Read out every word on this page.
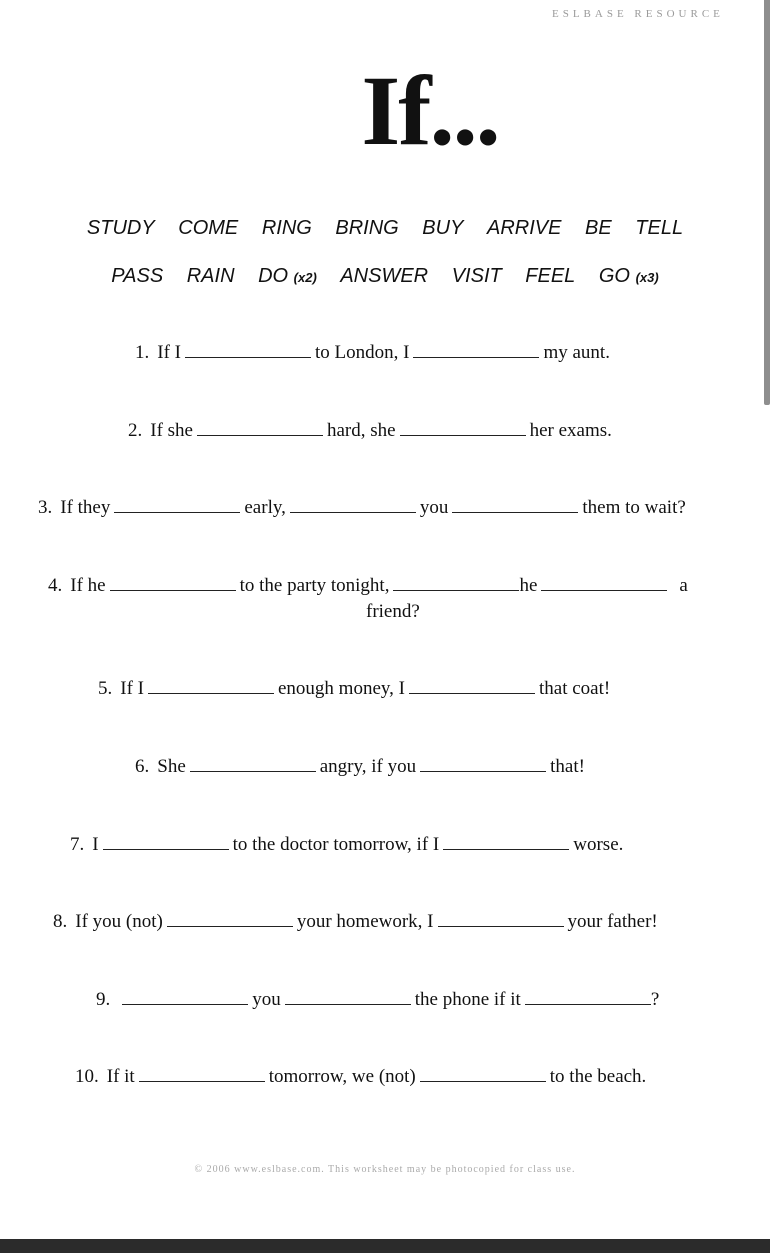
ESLBASE RESOURCE
If...
STUDY COME RING BRING BUY ARRIVE BE TELL
PASS RAIN DO (x2) ANSWER VISIT FEEL GO (x3)
1. If I	to London, I	my aunt.
2. If she	hard, she	her exams.
3. If they	early,	you	them to wait?
4. If he	to the party tonight,	he	a
friend?
5. If I	enough money, I	that coat!
6. She	angry, if you	that!
7. I	to the doctor tomorrow, if I	worse.
8. If you (not)	your homework, I	your father!
9.	you	the phone if it	?
10. If it	tomorrow, we (not)	to the beach.
© 2006 www.eslbase.com. This worksheet may be photocopied for class use.
